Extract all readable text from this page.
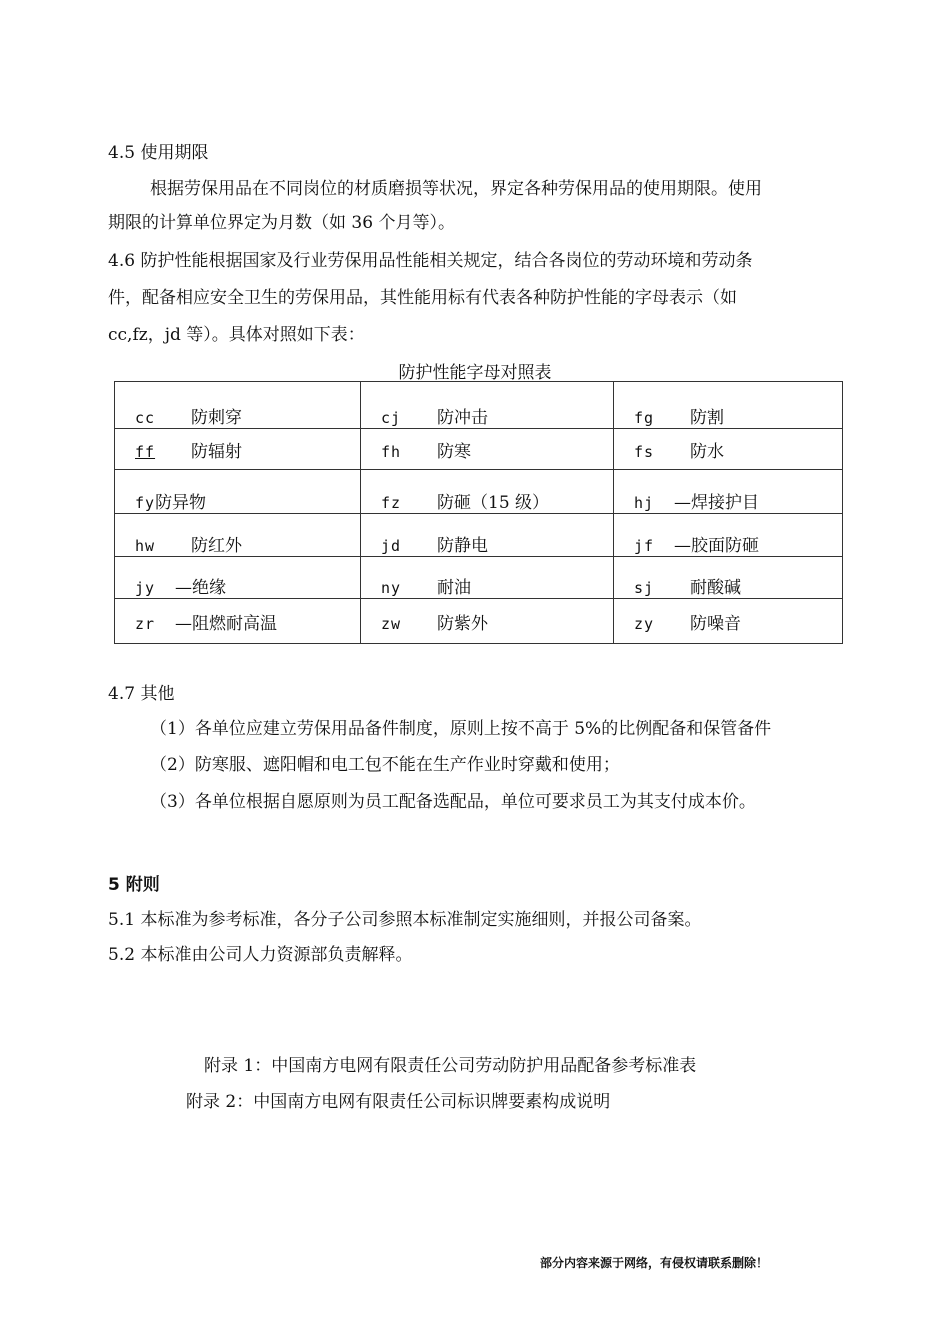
4.5 使用期限
根据劳保用品在不同岗位的材质磨损等状况，界定各种劳保用品的使用期限。使用
期限的计算单位界定为月数（如 36 个月等）。
4.6 防护性能根据国家及行业劳保用品性能相关规定，结合各岗位的劳动环境和劳动条
件，配备相应安全卫生的劳保用品，其性能用标有代表各种防护性能的字母表示（如
cc,fz，jd 等）。具体对照如下表：
防护性能字母对照表
cc 防刺穿	cj 防冲击	fg 防割
ff 防辐射	fh 防寒	fs 防水
fy防异物	fz 防砸（15 级）	hj —焊接护目
hw 防红外	jd 防静电	jf —胶面防砸
jy —绝缘	ny 耐油	sj 耐酸碱
zr —阻燃耐高温	zw 防紫外	zy 防噪音
4.7 其他
（1）各单位应建立劳保用品备件制度，原则上按不高于 5%的比例配备和保管备件
（2）防寒服、遮阳帽和电工包不能在生产作业时穿戴和使用；
（3）各单位根据自愿原则为员工配备选配品，单位可要求员工为其支付成本价。
5 附则
5.1 本标准为参考标准，各分子公司参照本标准制定实施细则，并报公司备案。
5.2 本标准由公司人力资源部负责解释。
附录 1：中国南方电网有限责任公司劳动防护用品配备参考标准表
附录 2：中国南方电网有限责任公司标识牌要素构成说明
部分内容来源于网络，有侵权请联系删除！
